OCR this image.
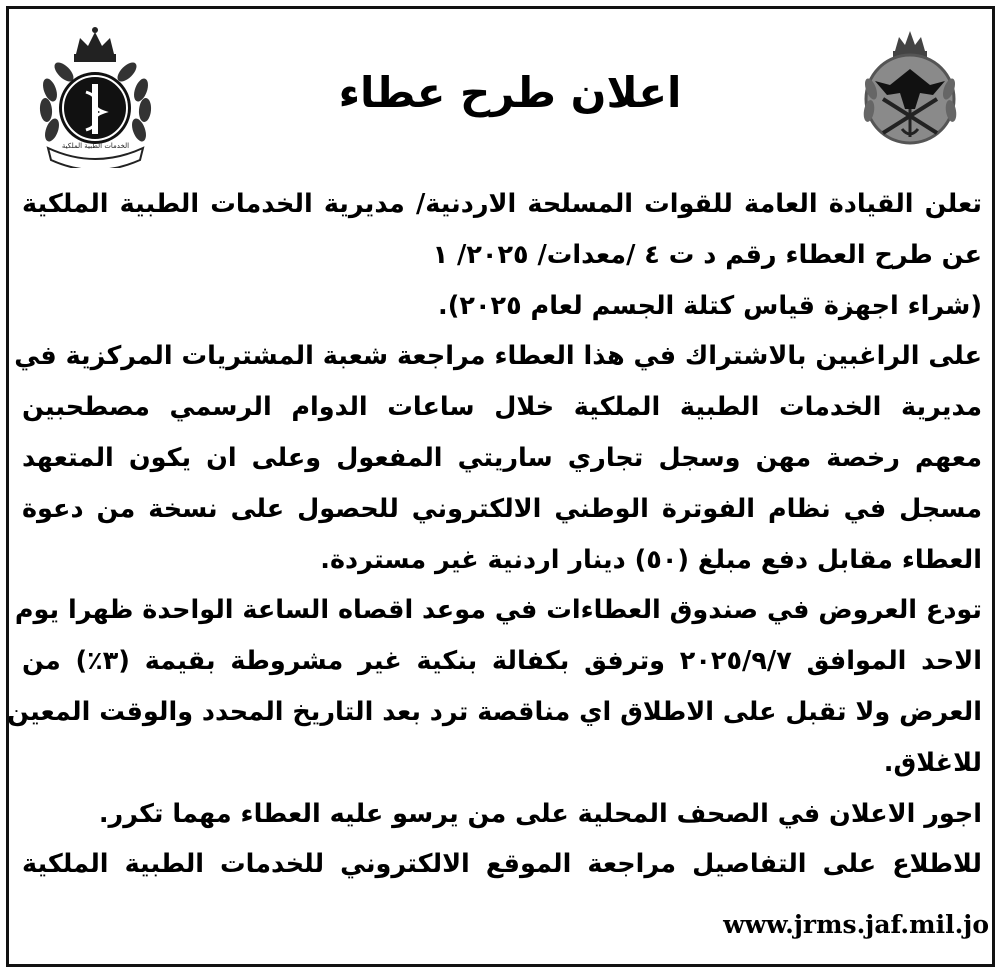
الخدمات الطبية الملكية
اعلان طرح عطاء
تعلن القيادة العامة للقوات المسلحة الاردنية/ مديرية الخدمات الطبية الملكية
عن طرح العطاء رقم د ت ٤ /معدات/ ٢٠٢٥/ ١
(شراء اجهزة قياس كتلة الجسم لعام ٢٠٢٥).
على الراغبين بالاشتراك في هذا العطاء مراجعة شعبة المشتريات المركزية في
مديرية الخدمات الطبية الملكية خلال ساعات الدوام الرسمي مصطحبين
معهم رخصة مهن وسجل تجاري ساريتي المفعول وعلى ان يكون المتعهد
مسجل في نظام الفوترة الوطني الالكتروني للحصول على نسخة من دعوة
العطاء مقابل دفع مبلغ (٥٠) دينار اردنية غير مستردة.
تودع العروض في صندوق العطاءات في موعد اقصاه الساعة الواحدة ظهرا يوم
الاحد الموافق ٢٠٢٥/٩/٧ وترفق بكفالة بنكية غير مشروطة بقيمة (٣٪) من
العرض ولا تقبل على الاطلاق اي مناقصة ترد بعد التاريخ المحدد والوقت المعين
للاغلاق.
اجور الاعلان في الصحف المحلية على من يرسو عليه العطاء مهما تكرر.
للاطلاع على التفاصيل مراجعة الموقع الالكتروني للخدمات الطبية الملكية
www.jrms.jaf.mil.jo
